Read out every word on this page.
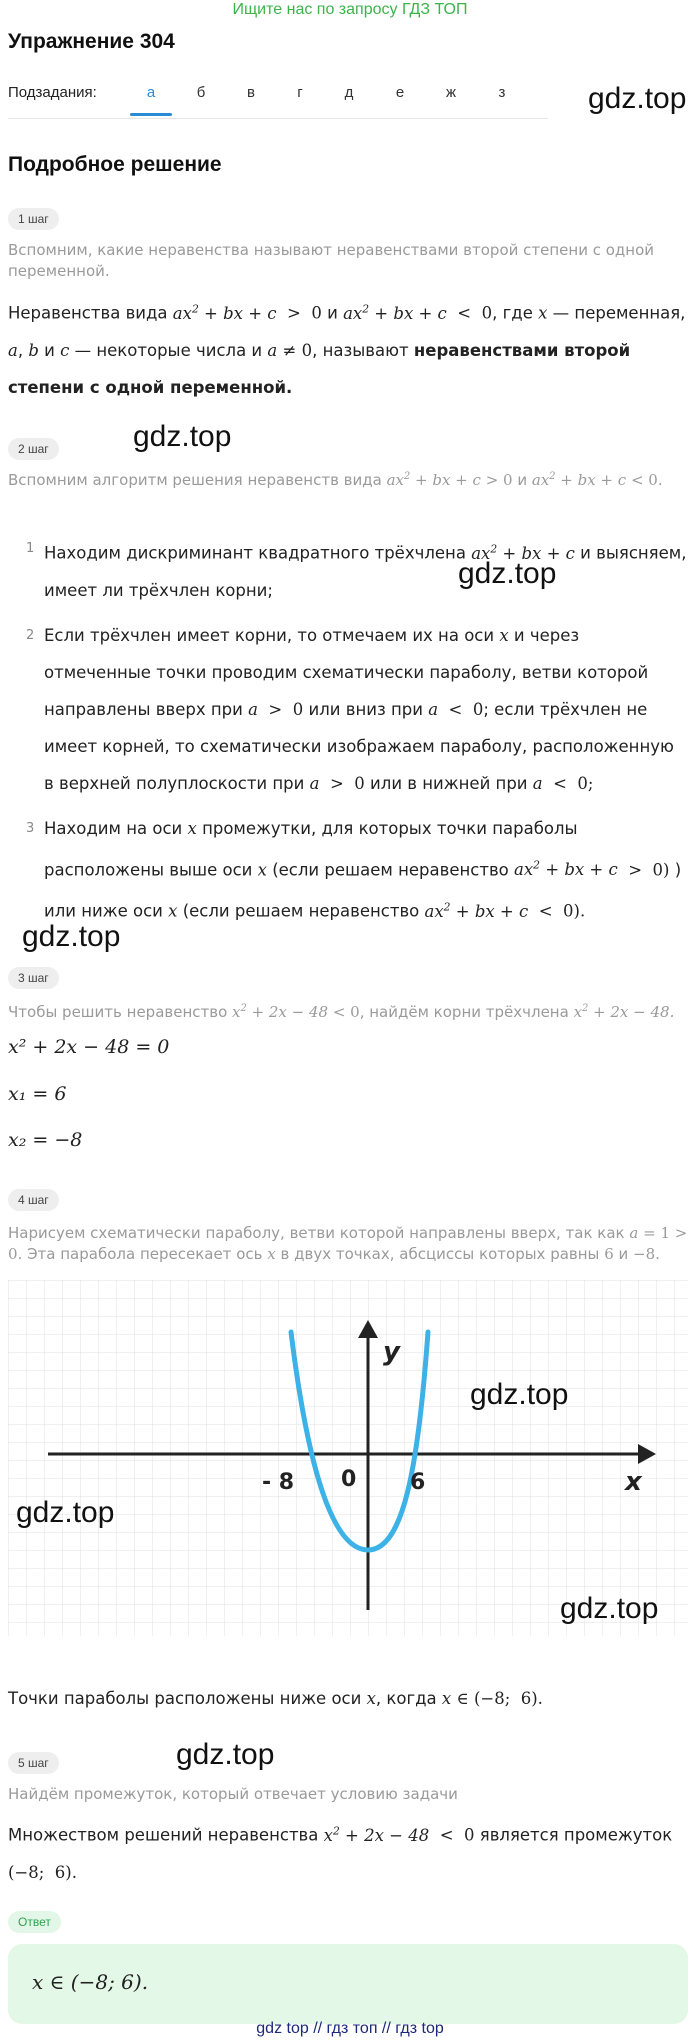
Ищите нас по запросу ГДЗ ТОП
Упражнение 304
Подзадания:	а	б	в	г	д	е	ж	з	gdz.top
Подробное решение
1 шаг
Вспомним, какие неравенства называют неравенствами второй степени с одной переменной.
Неравенства вида $ax^2$ + bx + c  >  0 и $ax^2$ + bx + c  <  0, где x — переменная, a, b и c — некоторые числа и a ≠ 0, называют неравенствами второй степени с одной переменной.
2 шаг	gdz.top
Вспомним алгоритм решения неравенств вида $ax^2$ + bx + c > 0 и $ax^2$ + bx + c < 0.
1 Находим дискриминант квадратного трёхчлена $ax^2$ + bx + c и выясняем, имеет ли трёхчлен корни;
2 Если трёхчлен имеет корни, то отмечаем их на оси x и через отмеченные точки проводим схематически параболу, ветви которой направлены вверх при a  >  0 или вниз при a  <  0; если трёхчлен не имеет корней, то схематически изображаем параболу, расположенную в верхней полуплоскости при a  >  0 или в нижней при a  <  0;
3 Находим на оси x промежутки, для которых точки параболы расположены выше оси x (если решаем неравенство $ax^2$ + bx + c  >  0) ) или ниже оси x (если решаем неравенство $ax^2$ + bx + c  <  0).
gdz.top
gdz.top
3 шаг
Чтобы решить неравенство $x^2 + 2x - 48 < 0$, найдём корни трёхчлена $x^2 + 2x - 48$.
x² + 2x − 48 = 0
x₁ = 6
x₂ = −8
4 шаг
Нарисуем схематически параболу, ветви которой направлены вверх, так как a = 1 > 0. Эта парабола пересекает ось x в двух точках, абсциссы которых равны 6 и −8.
y
x
- 8 0 6
gdz.top
gdz.top
gdz.top
Точки параболы расположены ниже оси x, когда x ∈ (−8;  6).
gdz.top
5 шаг
Найдём промежуток, который отвечает условию задачи
Множеством решений неравенства $x^2 + 2x - 48 < 0$ является промежуток (−8;  6).
Ответ
x ∈ (−8; 6).
gdz top // гдз топ // гдз top
